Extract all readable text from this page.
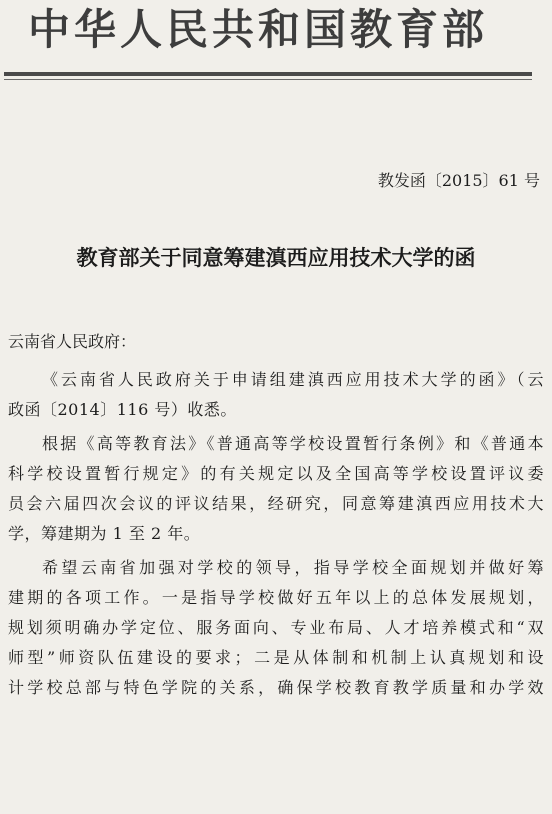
中华人民共和国教育部
教发函〔2015〕61 号
教育部关于同意筹建滇西应用技术大学的函
云南省人民政府：
《云南省人民政府关于申请组建滇西应用技术大学的函》（云
政函〔2014〕116 号）收悉。
根据《高等教育法》《普通高等学校设置暂行条例》和《普通本
科学校设置暂行规定》的有关规定以及全国高等学校设置评议委
员会六届四次会议的评议结果，经研究，同意筹建滇西应用技术大
学，筹建期为 1 至 2 年。
希望云南省加强对学校的领导，指导学校全面规划并做好筹
建期的各项工作。一是指导学校做好五年以上的总体发展规划，
规划须明确办学定位、服务面向、专业布局、人才培养模式和“双
师型”师资队伍建设的要求；二是从体制和机制上认真规划和设
计学校总部与特色学院的关系，确保学校教育教学质量和办学效
